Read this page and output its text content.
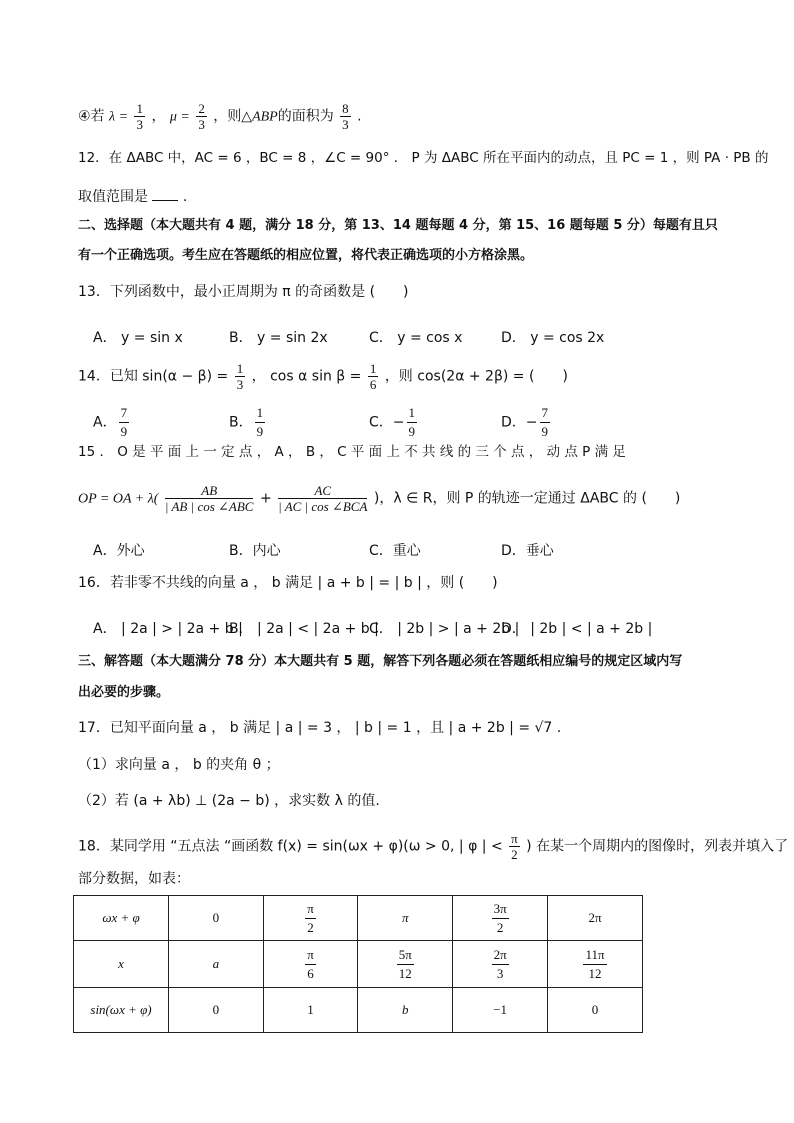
④若 $\lambda = \frac{1}{3}$ ， $\mu = \frac{2}{3}$ ，则△ABP的面积为 $\frac{8}{3}$ .
12．在 ΔABC 中，AC = 6 ，BC = 8 ，∠C = 90° ． P 为 ΔABC 所在平面内的动点，且 PC = 1 ，则 PA · PB 的
取值范围是 .
二、选择题（本大题共有 4 题，满分 18 分，第 13、14 题每题 4 分，第 15、16 题每题 5 分）每题有且只
有一个正确选项。考生应在答题纸的相应位置，将代表正确选项的小方格涂黑。
13．下列函数中，最小正周期为 π 的奇函数是 (　　)
A． y = sin x	B． y = sin 2x	C． y = cos x	D． y = cos 2x
14．已知 $\sin(\alpha - \beta) = \frac{1}{3}$ ， cos α $\sin \beta = \frac{1}{6}$ ，则 cos(2α + 2β) = (　　)
A． $\frac{7}{9}$	B． $\frac{1}{9}$	C．− $\frac{1}{9}$	D．− $\frac{7}{9}$
15 ． O 是 平 面 上 一 定 点 ， A ， B ， C 平 面 上 不 共 线 的 三 个 点 ， 动 点 P 满 足
OP = OA + $\lambda( \frac{AB}{\text{| AB | cos ∠ABC}} + \frac{AC}{\text{| AC | cos ∠BCA}}$ )，λ ∈ R，则 P 的轨迹一定通过 ΔABC 的 (　　)
A．外心	B．内心	C．重心	D．垂心
16．若非零不共线的向量 a ， b 满足 | a + b | = | b | ，则 (　　)
A． | 2a | > | 2a + b |
B． | 2a | < | 2a + b |
C． | 2b | > | a + 2b |
D． | 2b | < | a + 2b |
三、解答题（本大题满分 78 分）本大题共有 5 题，解答下列各题必须在答题纸相应编号的规定区域内写
出必要的步骤。
17．已知平面向量 a ， b 满足 | a | = 3 ， | b | = 1 ，且 | a + 2b | = √7 .
（1）求向量 a ， b 的夹角 θ ；
（2）若 (a + λb) ⊥ (2a − b) ，求实数 λ 的值.
18．某同学用 “五点法 “画函数 f(x) = sin(ωx + φ)(ω > 0, | φ | < $\frac{\pi}{2}$ ) 在某一个周期内的图像时，列表并填入了
部分数据，如表：
ωx + φ	0	$\frac{\pi}{2}$	π	$\frac{3\pi}{2}$	2π
x	a	$\frac{\pi}{6}$	$\frac{5\pi}{12}$	$\frac{2\pi}{3}$	$\frac{11\pi}{12}$

sin(ωx + φ)	0	1	b	−1	0
